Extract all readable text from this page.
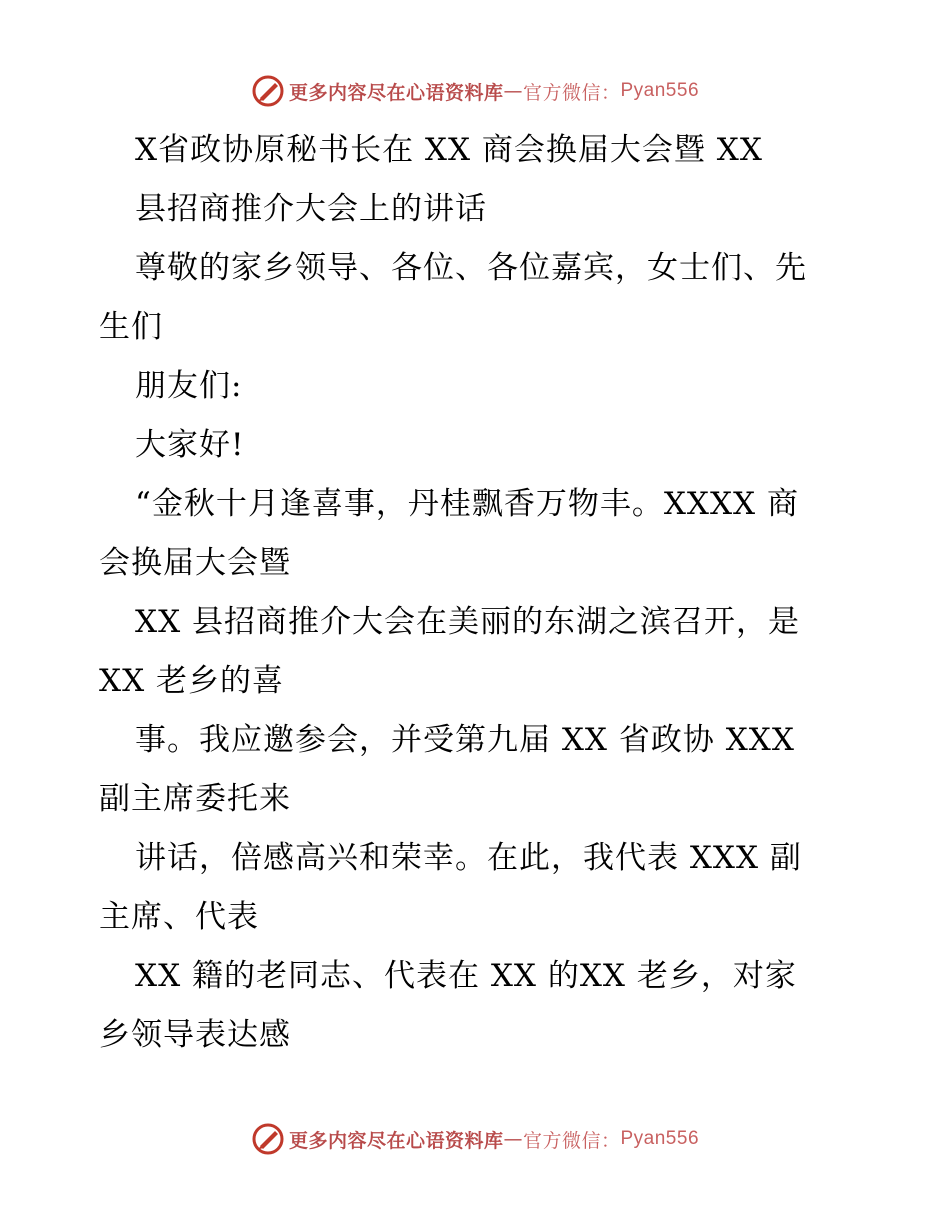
更多内容尽在心语资料库 — 官方微信： Pyan556

X省政协原秘书长在 XX 商会换届大会暨 XX

县招商推介大会上的讲话

尊敬的家乡领导、各位、各位嘉宾，女士们、先

生们

朋友们:

大家好!

“金秋十月逢喜事，丹桂飘香万物丰。XXXX 商

会换届大会暨

XX 县招商推介大会在美丽的东湖之滨召开，是

XX 老乡的喜

事。我应邀参会，并受第九届 XX 省政协 XXX

副主席委托来

讲话，倍感高兴和荣幸。在此，我代表 XXX 副

主席、代表

XX 籍的老同志、代表在 XX 的XX 老乡，对家

乡领导表达感

更多内容尽在心语资料库 — 官方微信： Pyan556
